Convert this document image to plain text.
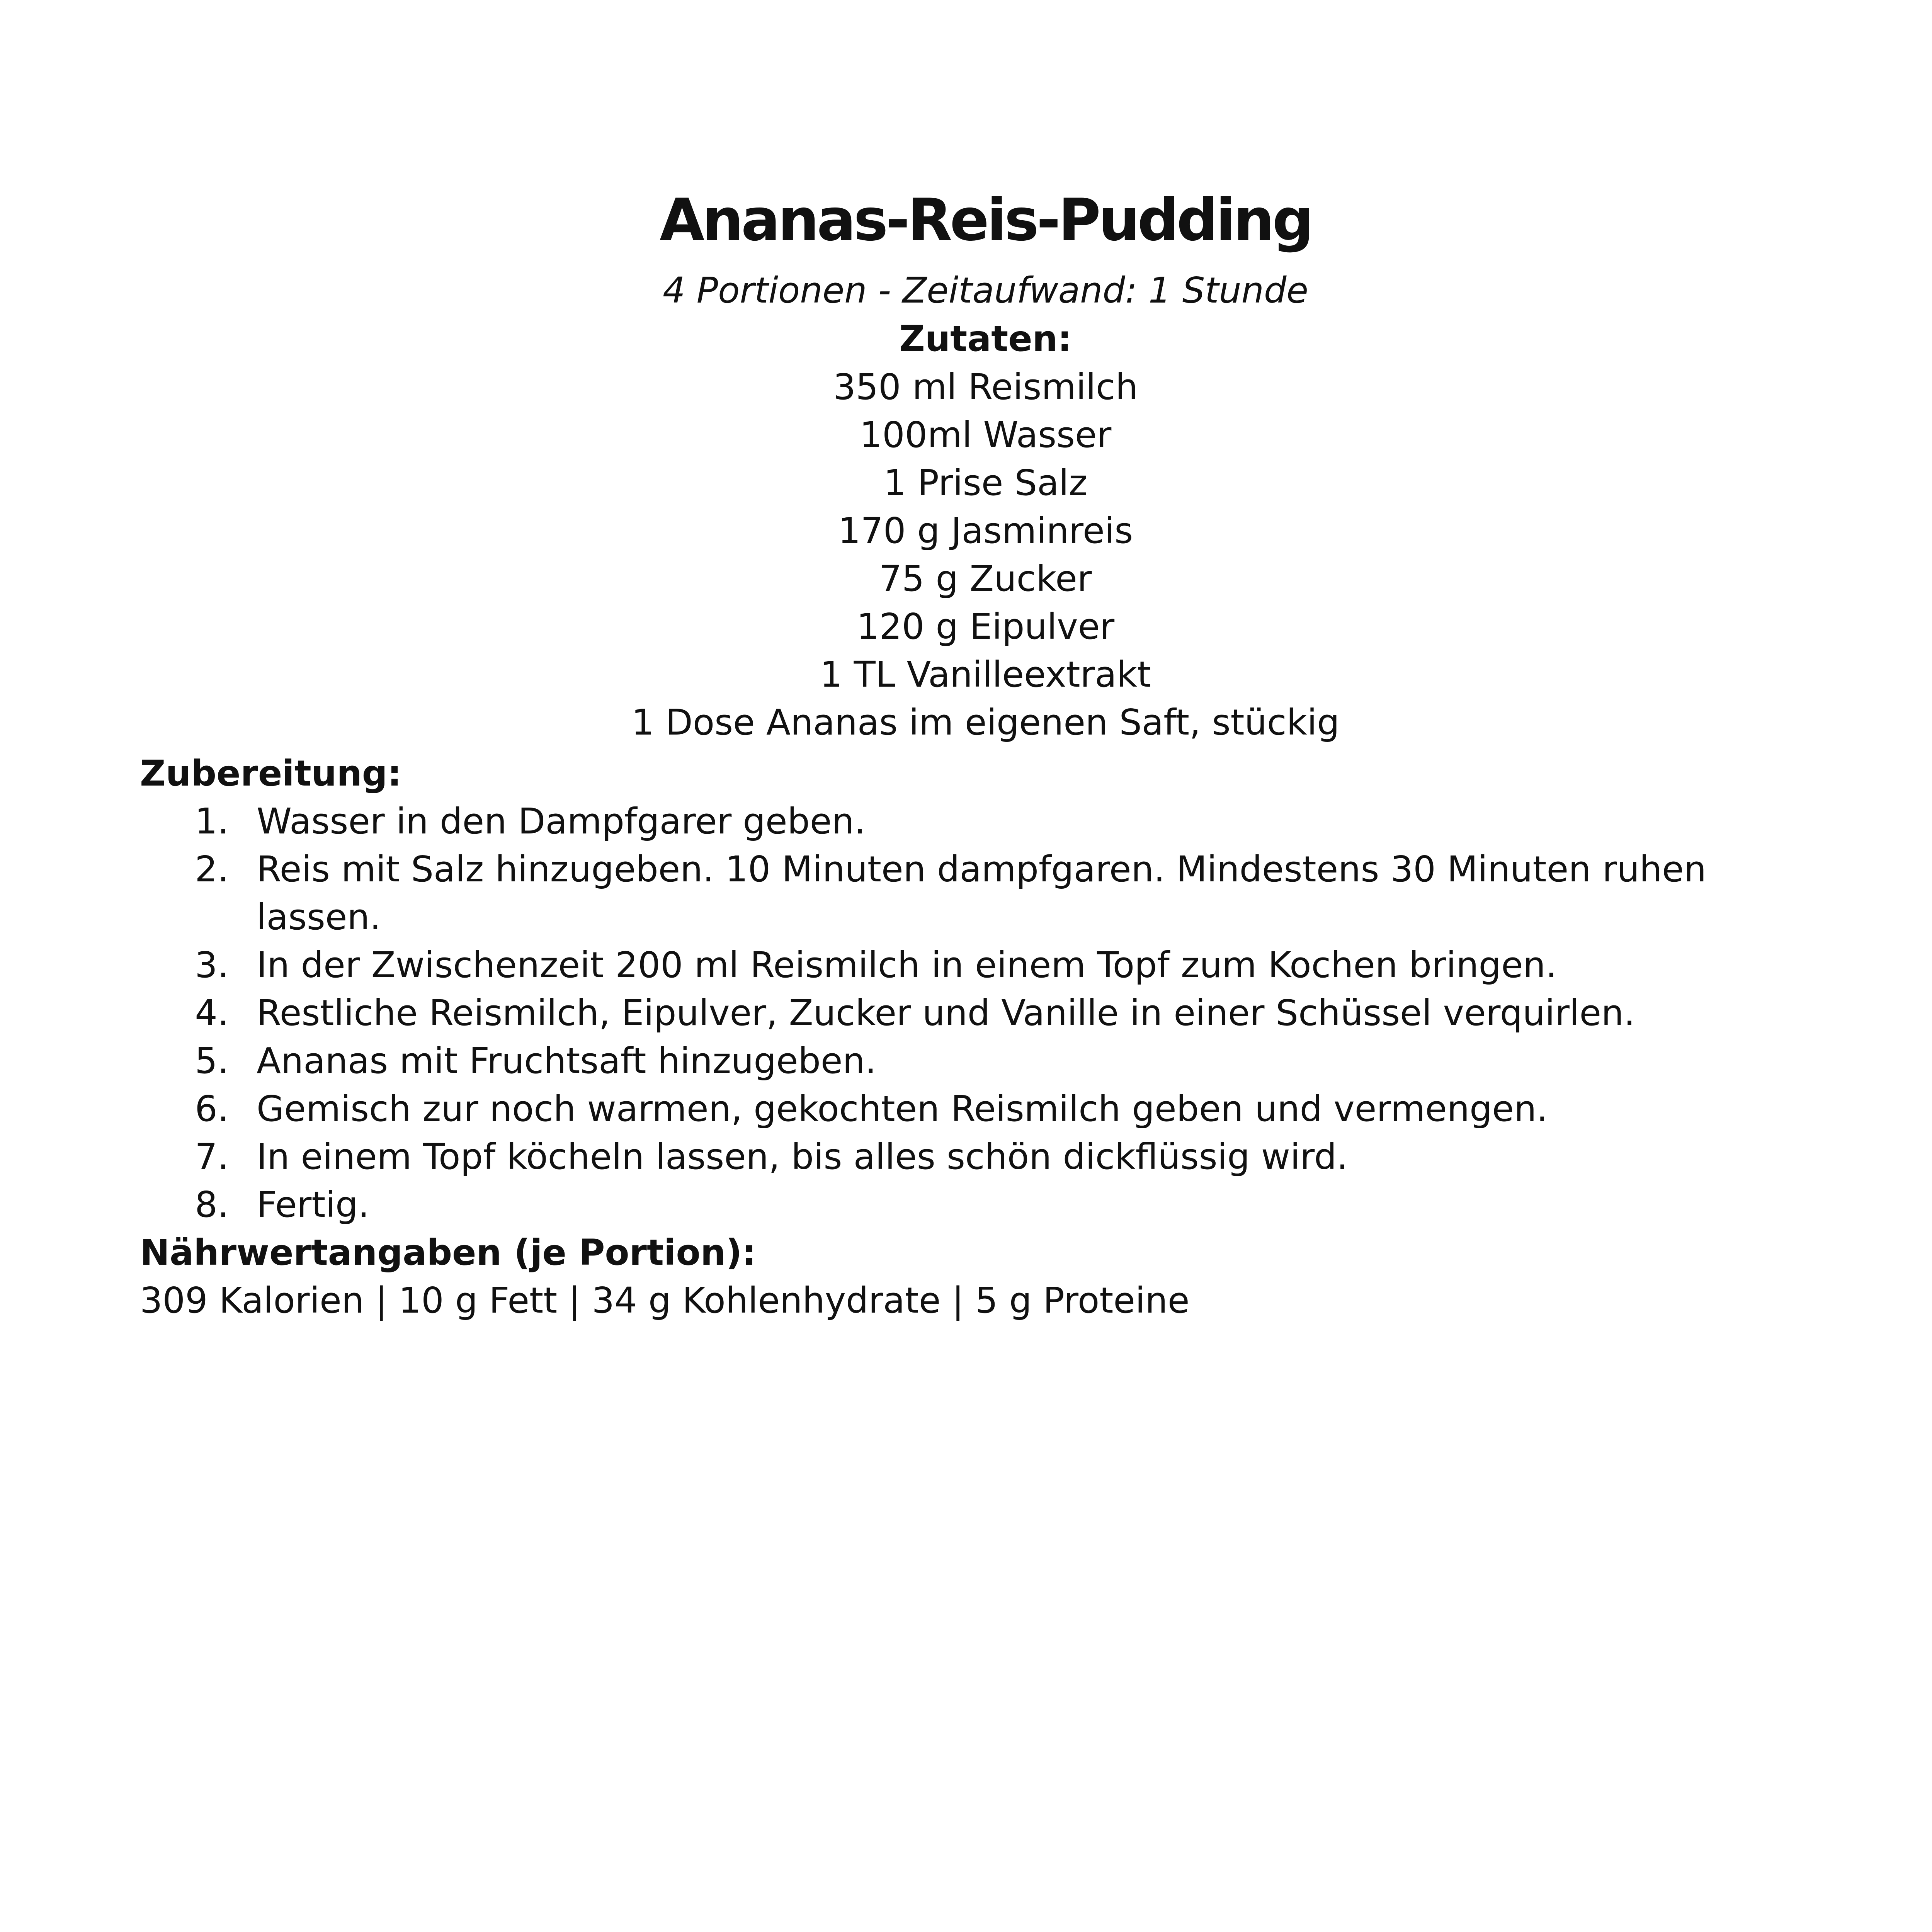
Ananas-Reis-Pudding

4 Portionen - Zeitaufwand: 1 Stunde

Zutaten:

350 ml Reismilch
100ml Wasser
1 Prise Salz
170 g Jasminreis
75 g Zucker
120 g Eipulver
1 TL Vanilleextrakt
1 Dose Ananas im eigenen Saft, stückig

Zubereitung:

1. Wasser in den Dampfgarer geben.
2. Reis mit Salz hinzugeben. 10 Minuten dampfgaren. Mindestens 30 Minuten ruhen lassen.
3. In der Zwischenzeit 200 ml Reismilch in einem Topf zum Kochen bringen.
4. Restliche Reismilch, Eipulver, Zucker und Vanille in einer Schüssel verquirlen.
5. Ananas mit Fruchtsaft hinzugeben.
6. Gemisch zur noch warmen, gekochten Reismilch geben und vermengen.
7. In einem Topf köcheln lassen, bis alles schön dickflüssig wird.
8. Fertig.

Nährwertangaben (je Portion):

309 Kalorien | 10 g Fett | 34 g Kohlenhydrate | 5 g Proteine
